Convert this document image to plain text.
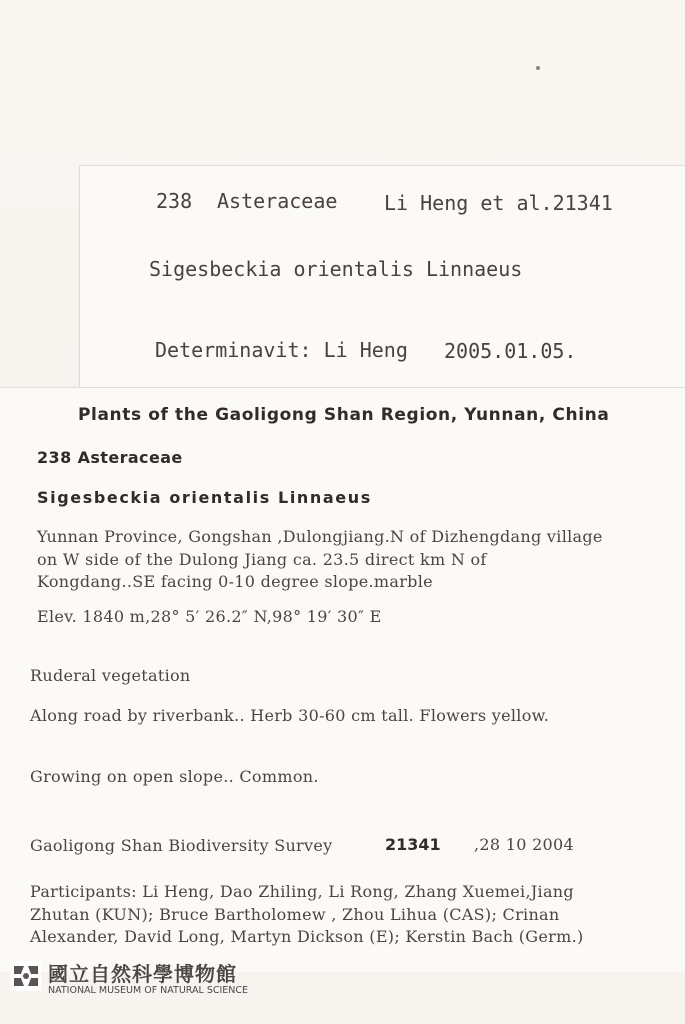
238 Asteraceae Li Heng et al.21341
Sigesbeckia orientalis Linnaeus
Determinavit: Li Heng 2005.01.05.
Plants of the Gaoligong Shan Region, Yunnan, China
238 Asteraceae
Sigesbeckia orientalis Linnaeus
Yunnan Province, Gongshan ,Dulongjiang.N of Dizhengdang village
on W side of the Dulong Jiang ca. 23.5 direct km N of
Kongdang..SE facing 0-10 degree slope.marble
Elev. 1840 m,28° 5′ 26.2″ N,98° 19′ 30″ E
Ruderal vegetation
Along road by riverbank.. Herb 30-60 cm tall. Flowers yellow.
Growing on open slope.. Common.
Gaoligong Shan Biodiversity Survey	21341 ,28 10 2004
Participants: Li Heng, Dao Zhiling, Li Rong, Zhang Xuemei,Jiang
Zhutan (KUN); Bruce Bartholomew , Zhou Lihua (CAS); Crinan
Alexander, David Long, Martyn Dickson (E); Kerstin Bach (Germ.)
國立自然科學博物館
NATIONAL MUSEUM OF NATURAL SCIENCE
